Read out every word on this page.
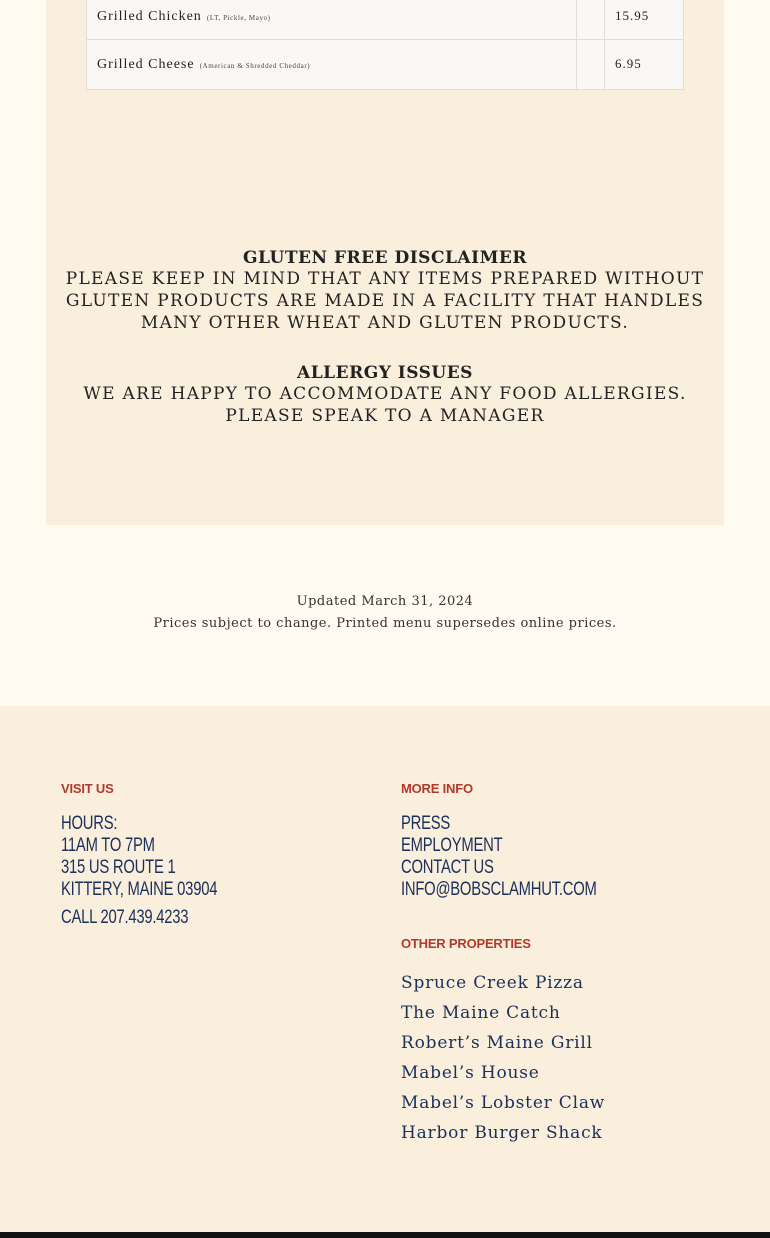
Grilled Chicken (LT, Pickle, Mayo)	15.95
Grilled Cheese (American & Shredded Cheddar)	6.95
GLUTEN FREE DISCLAIMER
PLEASE KEEP IN MIND THAT ANY ITEMS PREPARED WITHOUT GLUTEN PRODUCTS ARE MADE IN A FACILITY THAT HANDLES MANY OTHER WHEAT AND GLUTEN PRODUCTS.
ALLERGY ISSUES
WE ARE HAPPY TO ACCOMMODATE ANY FOOD ALLERGIES. PLEASE SPEAK TO A MANAGER
Updated March 31, 2024
Prices subject to change. Printed menu supersedes online prices.
VISIT US
HOURS:
11AM TO 7PM
315 US ROUTE 1
KITTERY, MAINE 03904
CALL 207.439.4233
MORE INFO
PRESS
EMPLOYMENT
CONTACT US
INFO@BOBSCLAMHUT.COM
OTHER PROPERTIES
Spruce Creek Pizza
The Maine Catch
Robert’s Maine Grill
Mabel’s House
Mabel’s Lobster Claw
Harbor Burger Shack
